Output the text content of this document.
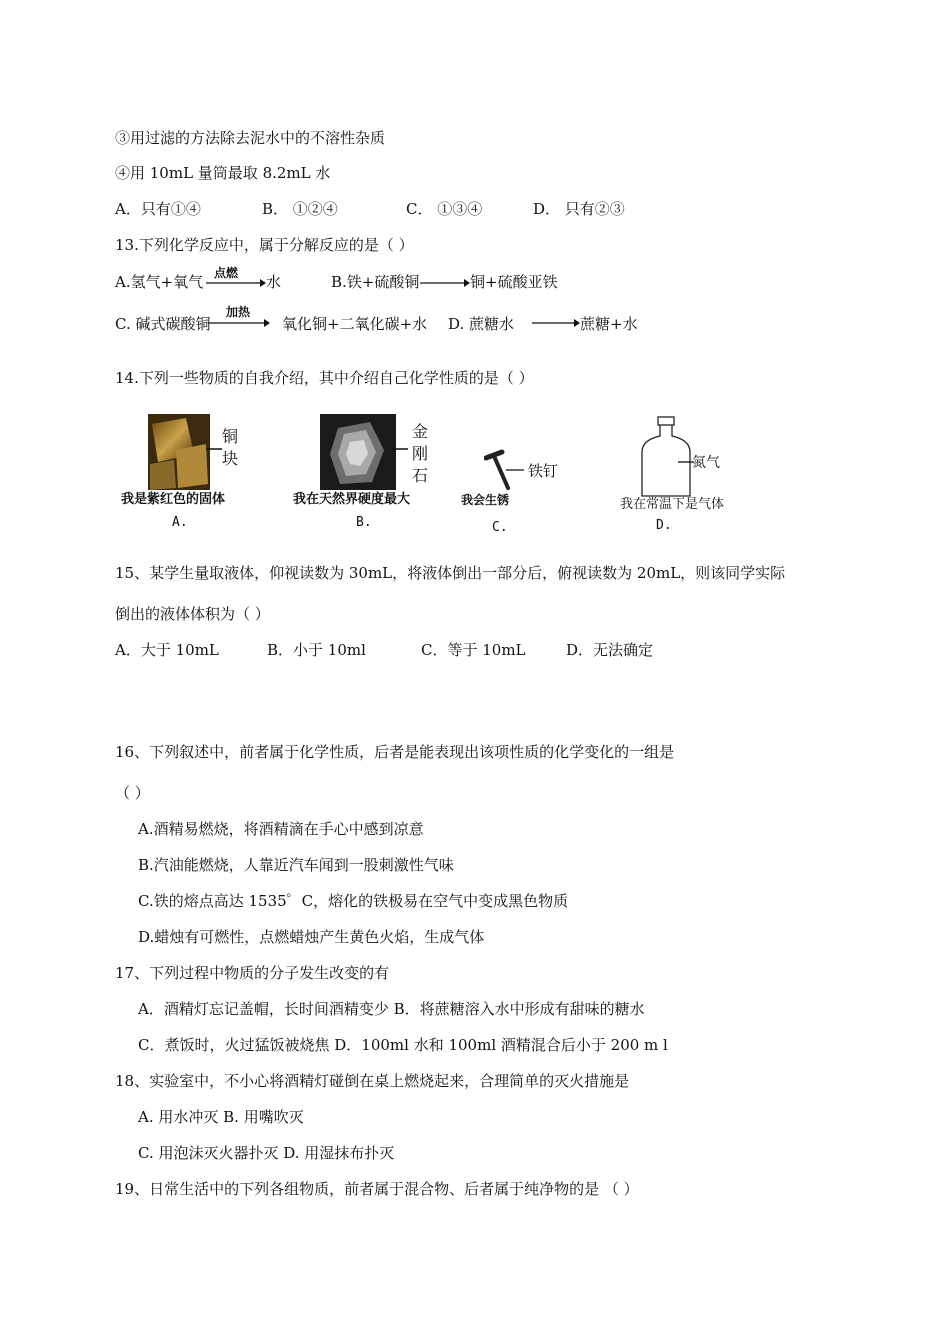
③用过滤的方法除去泥水中的不溶性杂质
④用 10mL 量筒最取 8.2mL 水
A．只有①④	B． ①②④	C． ①③④	D． 只有②③
13.下列化学反应中，属于分解反应的是（ ）
A.氢气+氧气 点燃 水	B.铁+硫酸铜	铜+硫酸亚铁
C. 碱式碳酸铜
加热
氧化铜+二氧化碳+水 D. 蔗糖水	蔗糖+水
14.下列一些物质的自我介绍，其中介绍自己化学性质的是（ ）
铜
块
我是紫红色的固体
A.
金
刚
石
我在天然界硬度最大
B.
铁钉
我会生锈
C.
氮气
我在常温下是气体
D.
15、某学生量取液体，仰视读数为 30mL，将液体倒出一部分后，俯视读数为 20mL，则该同学实际
倒出的液体体积为（ ）
A．大于 10mL	B．小于 10ml	C．等于 10mL	D．无法确定
16、下列叙述中，前者属于化学性质，后者是能表现出该项性质的化学变化的一组是
（ ）
A.酒精易燃烧，将酒精滴在手心中感到凉意
B.汽油能燃烧，人靠近汽车闻到一股刺激性气味
C.铁的熔点高达 1535゜C，熔化的铁极易在空气中变成黑色物质
D.蜡烛有可燃性，点燃蜡烛产生黄色火焰，生成气体
17、下列过程中物质的分子发生改变的有
A．酒精灯忘记盖帽，长时间酒精变少 B．将蔗糖溶入水中形成有甜味的糖水
C．煮饭时，火过猛饭被烧焦 D．100ml 水和 100ml 酒精混合后小于 200 m l
18、实验室中，不小心将酒精灯碰倒在桌上燃烧起来，合理简单的灭火措施是
A. 用水冲灭 B. 用嘴吹灭
C. 用泡沫灭火器扑灭 D. 用湿抹布扑灭
19、日常生活中的下列各组物质，前者属于混合物、后者属于纯净物的是 （ ）
